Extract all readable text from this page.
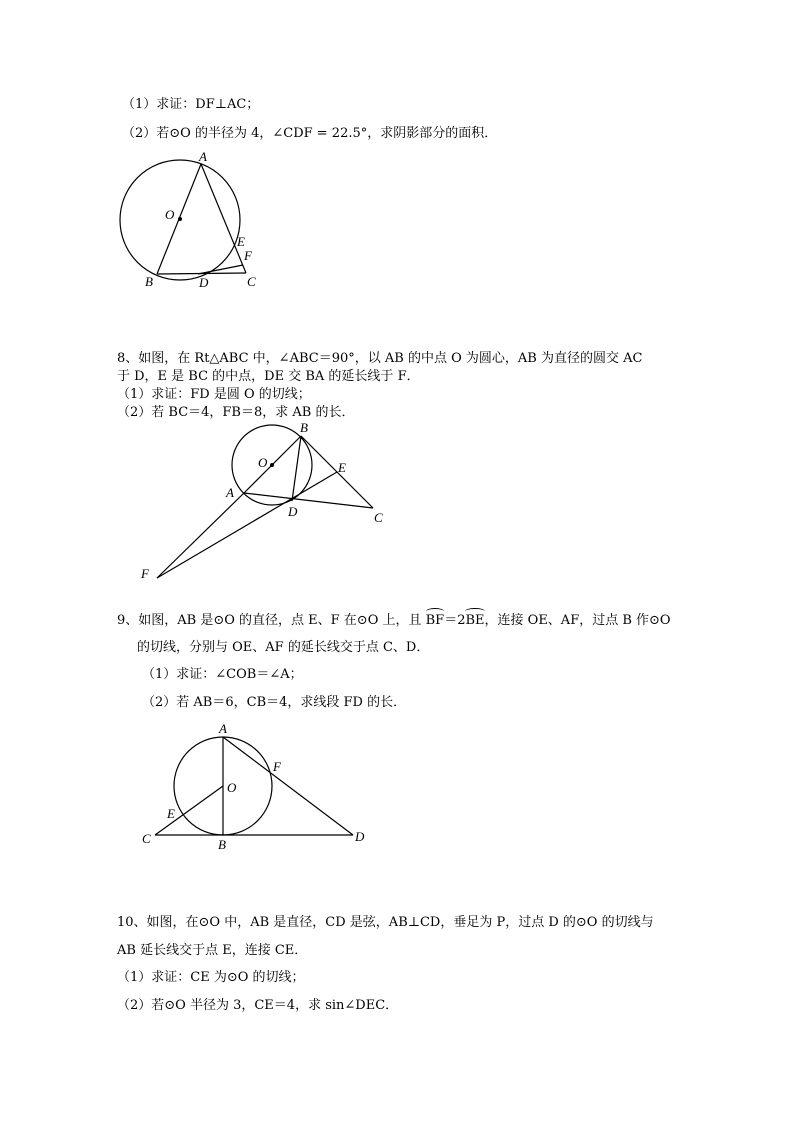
（1）求证：DF⊥AC；
（2）若⊙O 的半径为 4，∠CDF = 22.5°，求阴影部分的面积．
A
O
E
F
B	D	C
8、如图，在 Rt△ABC 中，∠ABC＝90°，以 AB 的中点 O 为圆心，AB 为直径的圆交 AC
于 D，E 是 BC 的中点，DE 交 BA 的延长线于 F．
（1）求证：FD 是圆 O 的切线；
（2）若 BC＝4，FB＝8，求 AB 的长．
B
O	E
A
D	C
F
9、如图，AB 是⊙O 的直径，点 E、F 在⊙O 上，且 BF＝2BE，连接 OE、AF，过点 B 作⊙O
的切线，分别与 OE、AF 的延长线交于点 C、D．
（1）求证：∠COB＝∠A；
（2）若 AB＝6，CB＝4，求线段 FD 的长．
A
F
O
E
C	B
D
10、如图，在⊙O 中，AB 是直径，CD 是弦，AB⊥CD，垂足为 P，过点 D 的⊙O 的切线与
AB 延长线交于点 E，连接 CE．
（1）求证：CE 为⊙O 的切线；
（2）若⊙O 半径为 3，CE＝4，求 sin∠DEC．
